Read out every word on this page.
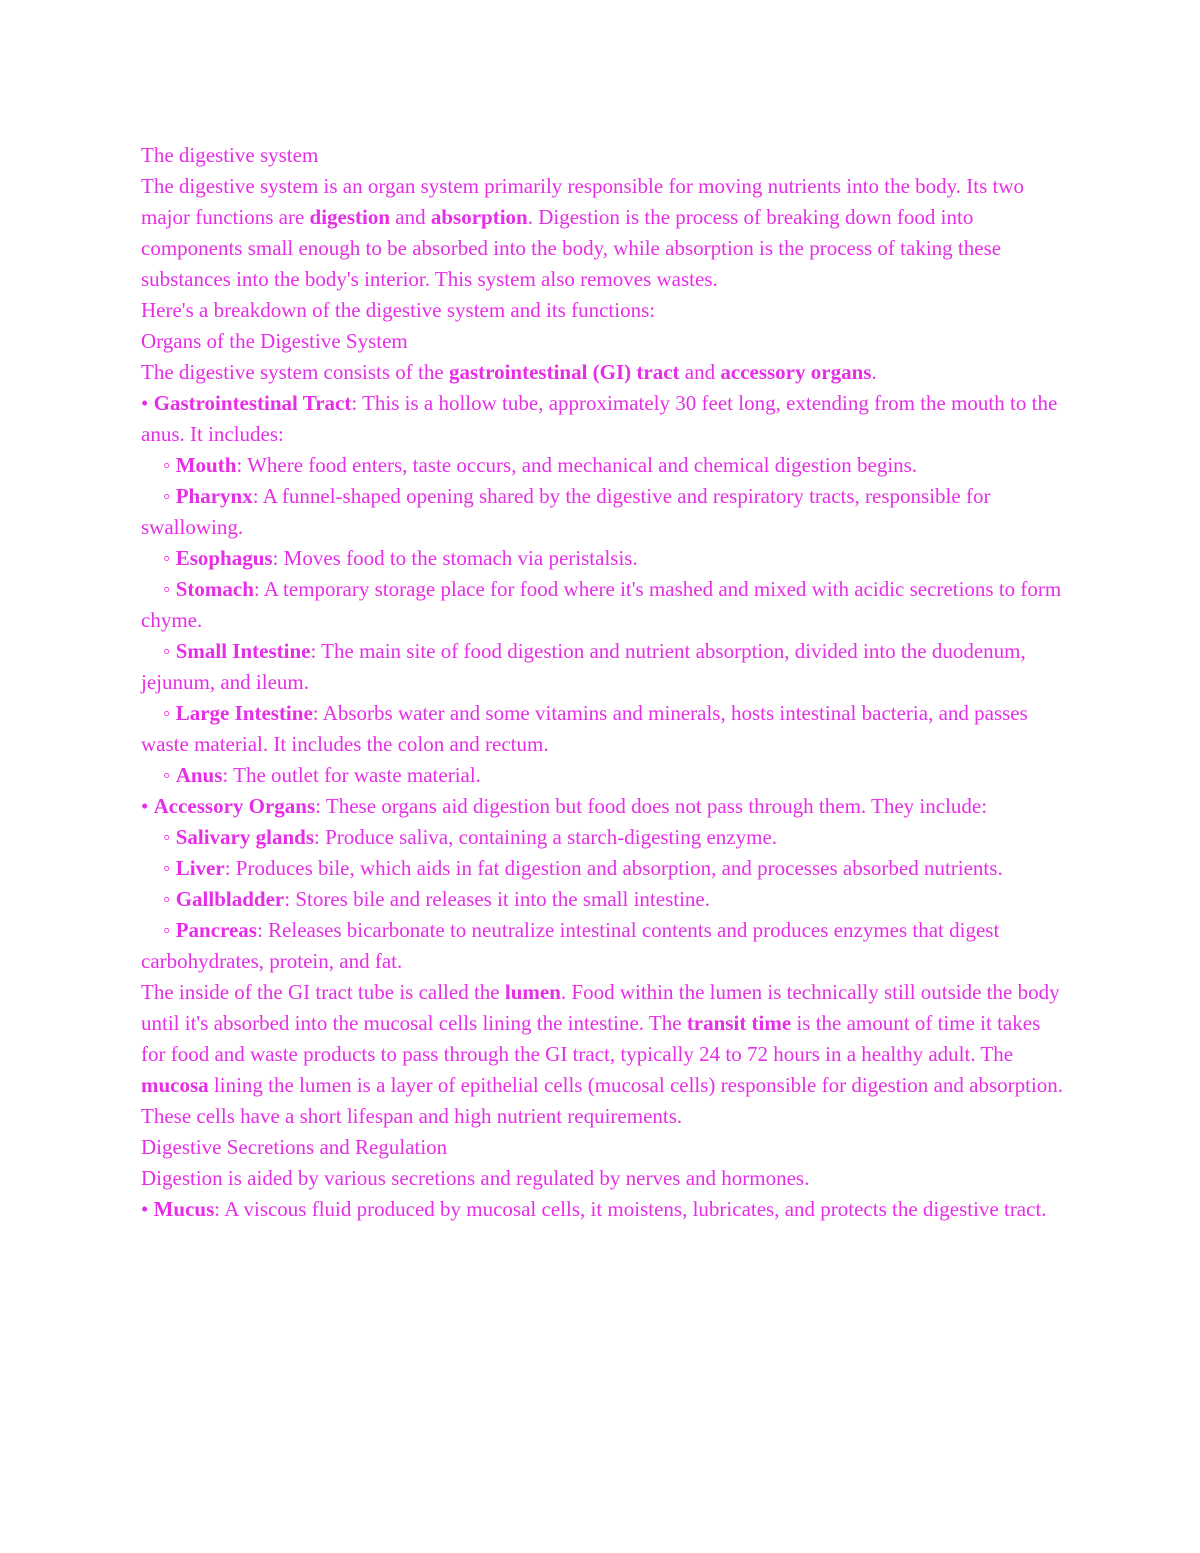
The digestive system

The digestive system is an organ system primarily responsible for moving nutrients into the body. Its two major functions are digestion and absorption. Digestion is the process of breaking down food into components small enough to be absorbed into the body, while absorption is the process of taking these substances into the body's interior. This system also removes wastes.

Here's a breakdown of the digestive system and its functions:

Organs of the Digestive System

The digestive system consists of the gastrointestinal (GI) tract and accessory organs.

• Gastrointestinal Tract: This is a hollow tube, approximately 30 feet long, extending from the mouth to the anus. It includes:

◦ Mouth: Where food enters, taste occurs, and mechanical and chemical digestion begins.

◦ Pharynx: A funnel-shaped opening shared by the digestive and respiratory tracts, responsible for swallowing.

◦ Esophagus: Moves food to the stomach via peristalsis.

◦ Stomach: A temporary storage place for food where it's mashed and mixed with acidic secretions to form chyme.

◦ Small Intestine: The main site of food digestion and nutrient absorption, divided into the duodenum, jejunum, and ileum.

◦ Large Intestine: Absorbs water and some vitamins and minerals, hosts intestinal bacteria, and passes waste material. It includes the colon and rectum.

◦ Anus: The outlet for waste material.

• Accessory Organs: These organs aid digestion but food does not pass through them. They include:

◦ Salivary glands: Produce saliva, containing a starch-digesting enzyme.

◦ Liver: Produces bile, which aids in fat digestion and absorption, and processes absorbed nutrients.

◦ Gallbladder: Stores bile and releases it into the small intestine.

◦ Pancreas: Releases bicarbonate to neutralize intestinal contents and produces enzymes that digest carbohydrates, protein, and fat.

The inside of the GI tract tube is called the lumen. Food within the lumen is technically still outside the body until it's absorbed into the mucosal cells lining the intestine. The transit time is the amount of time it takes for food and waste products to pass through the GI tract, typically 24 to 72 hours in a healthy adult. The mucosa lining the lumen is a layer of epithelial cells (mucosal cells) responsible for digestion and absorption. These cells have a short lifespan and high nutrient requirements.

Digestive Secretions and Regulation

Digestion is aided by various secretions and regulated by nerves and hormones.

• Mucus: A viscous fluid produced by mucosal cells, it moistens, lubricates, and protects the digestive tract.
